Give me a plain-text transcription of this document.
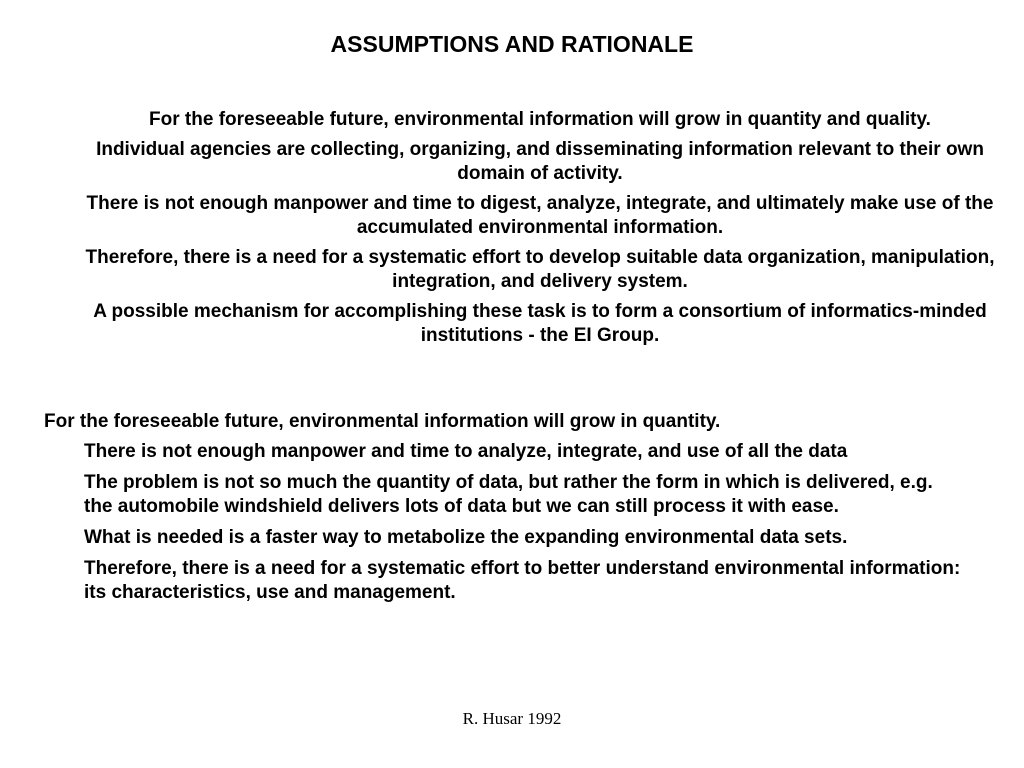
ASSUMPTIONS AND RATIONALE

For the foreseeable future, environmental information will grow in quantity and quality.

Individual agencies are collecting, organizing, and disseminating information relevant to their own domain of activity.

There is not enough manpower and time to digest, analyze, integrate, and ultimately make use of the accumulated environmental information.

Therefore, there is a need for a systematic effort to develop suitable data organization, manipulation, integration, and delivery system.

A possible mechanism for accomplishing these task is to form a consortium of informatics-minded institutions - the EI Group.

For the foreseeable future, environmental information will grow in quantity.

There is not enough manpower and time to analyze, integrate, and use of all the data
The problem is not so much the quantity of data, but rather the form in which is delivered, e.g. the automobile windshield delivers lots of data but we can still process it with ease.
What is needed is a faster way to metabolize the expanding environmental data sets.
Therefore, there is a need for a systematic effort to better understand environmental information: its characteristics, use and management.
R. Husar 1992
